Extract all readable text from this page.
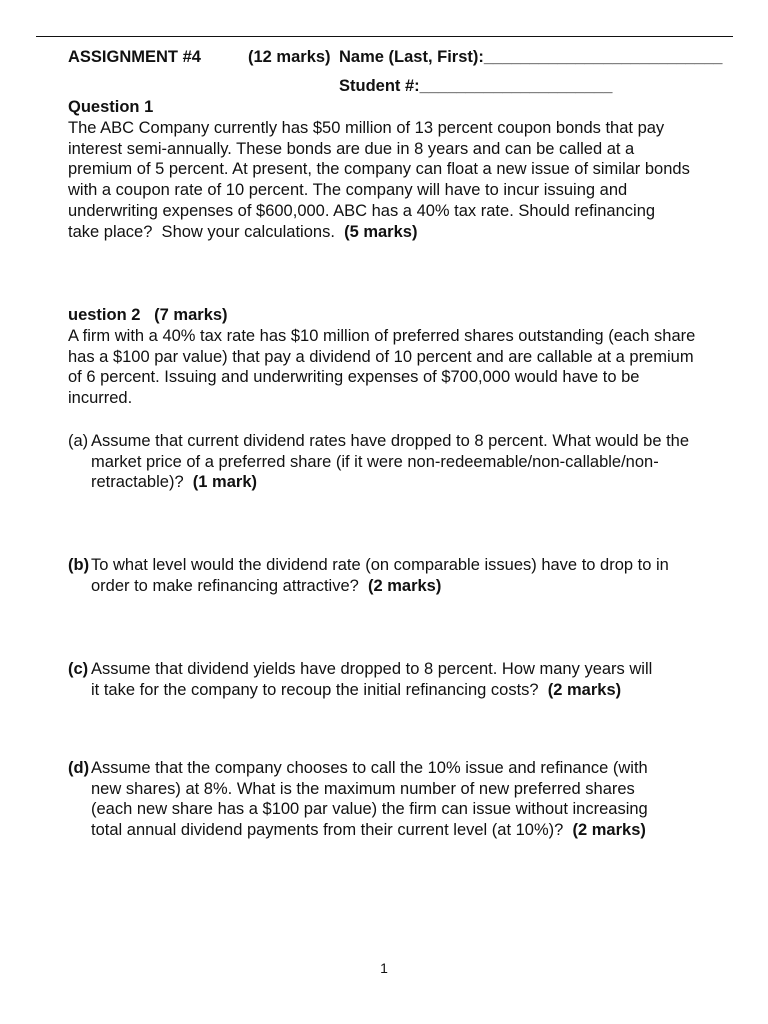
ASSIGNMENT #4	(12 marks) Name (Last, First):__________________________
Student #:_____________________
Question 1
The ABC Company currently has $50 million of 13 percent coupon bonds that pay
interest semi-annually. These bonds are due in 8 years and can be called at a
premium of 5 percent. At present, the company can float a new issue of similar bonds
with a coupon rate of 10 percent. The company will have to incur issuing and
underwriting expenses of $600,000. ABC has a 40% tax rate. Should refinancing
take place?  Show your calculations.  (5 marks)
uestion 2   (7 marks)
A firm with a 40% tax rate has $10 million of preferred shares outstanding (each share
has a $100 par value) that pay a dividend of 10 percent and are callable at a premium
of 6 percent. Issuing and underwriting expenses of $700,000 would have to be
incurred.
(a) Assume that current dividend rates have dropped to 8 percent. What would be the
market price of a preferred share (if it were non-redeemable/non-callable/non-
retractable)?  (1 mark)
(b) To what level would the dividend rate (on comparable issues) have to drop to in
order to make refinancing attractive?  (2 marks)
(c) Assume that dividend yields have dropped to 8 percent. How many years will
it take for the company to recoup the initial refinancing costs?  (2 marks)
(d) Assume that the company chooses to call the 10% issue and refinance (with
new shares) at 8%. What is the maximum number of new preferred shares
(each new share has a $100 par value) the firm can issue without increasing
total annual dividend payments from their current level (at 10%)?  (2 marks)
1
